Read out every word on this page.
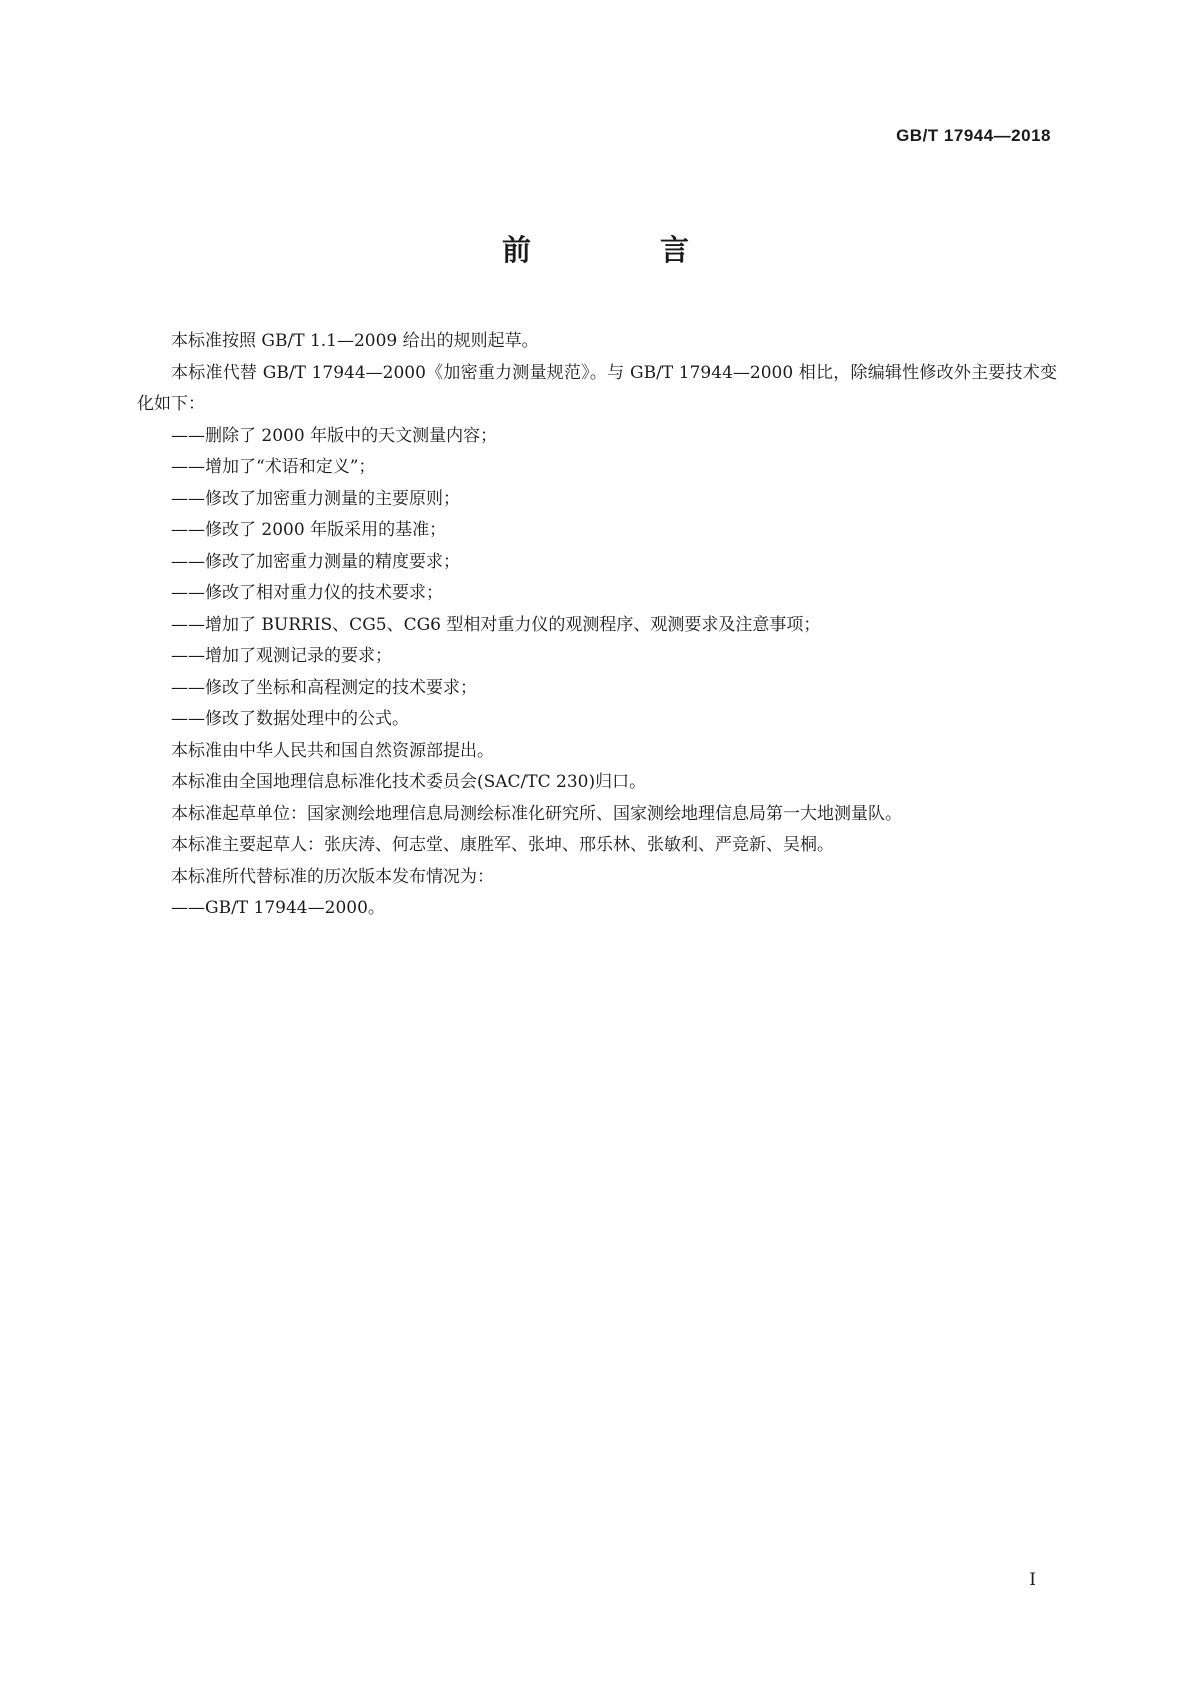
GB/T 17944—2018
前　言

本标准按照 GB/T 1.1—2009 给出的规则起草。

本标准代替 GB/T 17944—2000《加密重力测量规范》。与 GB/T 17944—2000 相比，除编辑性修改外主要技术变化如下：

——删除了 2000 年版中的天文测量内容；

——增加了“术语和定义”；

——修改了加密重力测量的主要原则；

——修改了 2000 年版采用的基准；

——修改了加密重力测量的精度要求；

——修改了相对重力仪的技术要求；

——增加了 BURRIS、CG5、CG6 型相对重力仪的观测程序、观测要求及注意事项；

——增加了观测记录的要求；

——修改了坐标和高程测定的技术要求；

——修改了数据处理中的公式。

本标准由中华人民共和国自然资源部提出。

本标准由全国地理信息标准化技术委员会(SAC/TC 230)归口。

本标准起草单位：国家测绘地理信息局测绘标准化研究所、国家测绘地理信息局第一大地测量队。

本标准主要起草人：张庆涛、何志堂、康胜军、张坤、邢乐林、张敏利、严竞新、吴桐。

本标准所代替标准的历次版本发布情况为：

——GB/T 17944—2000。

I
